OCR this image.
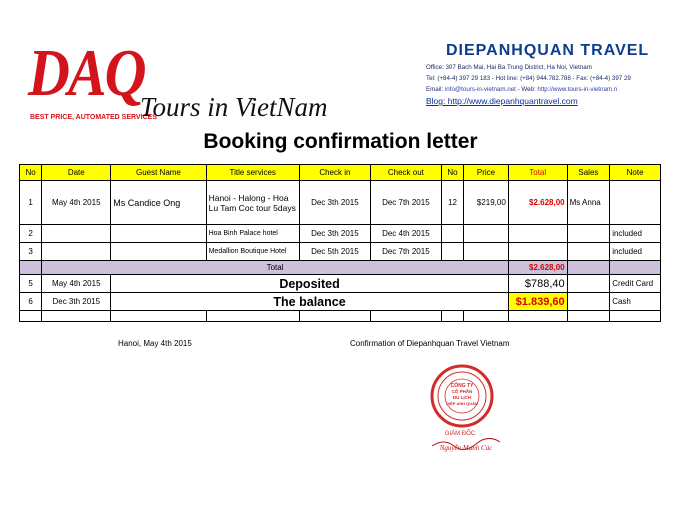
DAQ
BEST PRICE, AUTOMATED SERVICES
Tours in VietNam
DIEPANHQUAN TRAVEL
Office: 307 Bach Mai, Hai Ba Trung District, Ha Noi, Vietnam
Tel: (+84-4) 397 29 183 - Hot line: (+84) 944.782.788 - Fax: (+84-4) 397 29
Email: info@tours-in-vietnam.net - Web: http://www.tours-in-vietnam.n
Blog: http://www.diepanhquantravel.com
Booking confirmation letter
No	Date	Guest Name	Title services	Check in	Check out	No	Price	Total	Sales	Note
1	May 4th 2015	Ms Candice Ong	Hanoi - Halong - Hoa Lu Tam Coc tour 5days	Dec 3th 2015	Dec 7th 2015	12	$219,00	$2.628,00	Ms Anna	
2			Hoa Binh Palace hotel	Dec 3th 2015	Dec 4th 2015					included
3			Medallion Boutique Hotel	Dec 5th 2015	Dec 7th 2015					included
	Total							$2.628,00		
5	May 4th 2015	Deposited						$788,40		Credit Card
6	Dec 3th 2015	The balance						$1.839,60		Cash

Hanoi, May 4th 2015	Confirmation of Diepanhquan Travel Vietnam
CÔNG TY
CỔ PHẦN
DU LỊCH
DIỆP ANH QUÂN
GIÁM ĐỐC
Nguyễn Mạnh Cúc
